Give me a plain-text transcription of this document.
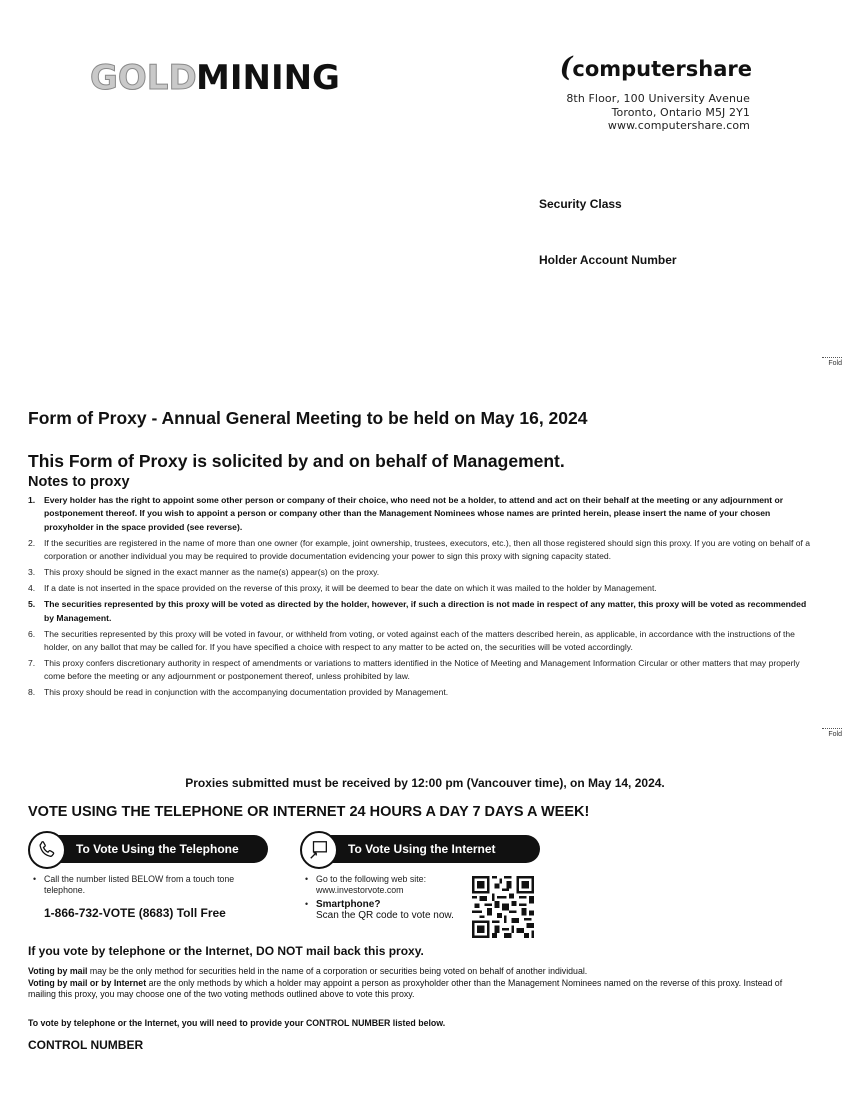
GOLD MINING	(computershare
8th Floor, 100 University Avenue
Toronto, Ontario M5J 2Y1
www.computershare.com
Security Class
Holder Account Number
Fold
Form of Proxy - Annual General Meeting to be held on May 16, 2024
This Form of Proxy is solicited by and on behalf of Management.
Notes to proxy
1. Every holder has the right to appoint some other person or company of their choice, who need not be a holder, to attend and act on their behalf at the meeting or any adjournment or postponement thereof. If you wish to appoint a person or company other than the Management Nominees whose names are printed herein, please insert the name of your chosen proxyholder in the space provided (see reverse).
2. If the securities are registered in the name of more than one owner (for example, joint ownership, trustees, executors, etc.), then all those registered should sign this proxy. If you are voting on behalf of a corporation or another individual you may be required to provide documentation evidencing your power to sign this proxy with signing capacity stated.
3. This proxy should be signed in the exact manner as the name(s) appear(s) on the proxy.
4. If a date is not inserted in the space provided on the reverse of this proxy, it will be deemed to bear the date on which it was mailed to the holder by Management.
5. The securities represented by this proxy will be voted as directed by the holder, however, if such a direction is not made in respect of any matter, this proxy will be voted as recommended by Management.
6. The securities represented by this proxy will be voted in favour, or withheld from voting, or voted against each of the matters described herein, as applicable, in accordance with the instructions of the holder, on any ballot that may be called for. If you have specified a choice with respect to any matter to be acted on, the securities will be voted accordingly.
7. This proxy confers discretionary authority in respect of amendments or variations to matters identified in the Notice of Meeting and Management Information Circular or other matters that may properly come before the meeting or any adjournment or postponement thereof, unless prohibited by law.
8. This proxy should be read in conjunction with the accompanying documentation provided by Management.
Fold
Proxies submitted must be received by 12:00 pm (Vancouver time), on May 14, 2024.
VOTE USING THE TELEPHONE OR INTERNET 24 HOURS A DAY 7 DAYS A WEEK!
To Vote Using the Telephone
• Call the number listed BELOW from a touch tone telephone.
1-866-732-VOTE (8683) Toll Free
To Vote Using the Internet
• Go to the following web site:
www.investorvote.com
• Smartphone?
Scan the QR code to vote now.
If you vote by telephone or the Internet, DO NOT mail back this proxy.
Voting by mail may be the only method for securities held in the name of a corporation or securities being voted on behalf of another individual.
Voting by mail or by Internet are the only methods by which a holder may appoint a person as proxyholder other than the Management Nominees named on the reverse of this proxy. Instead of mailing this proxy, you may choose one of the two voting methods outlined above to vote this proxy.
To vote by telephone or the Internet, you will need to provide your CONTROL NUMBER listed below.
CONTROL NUMBER
